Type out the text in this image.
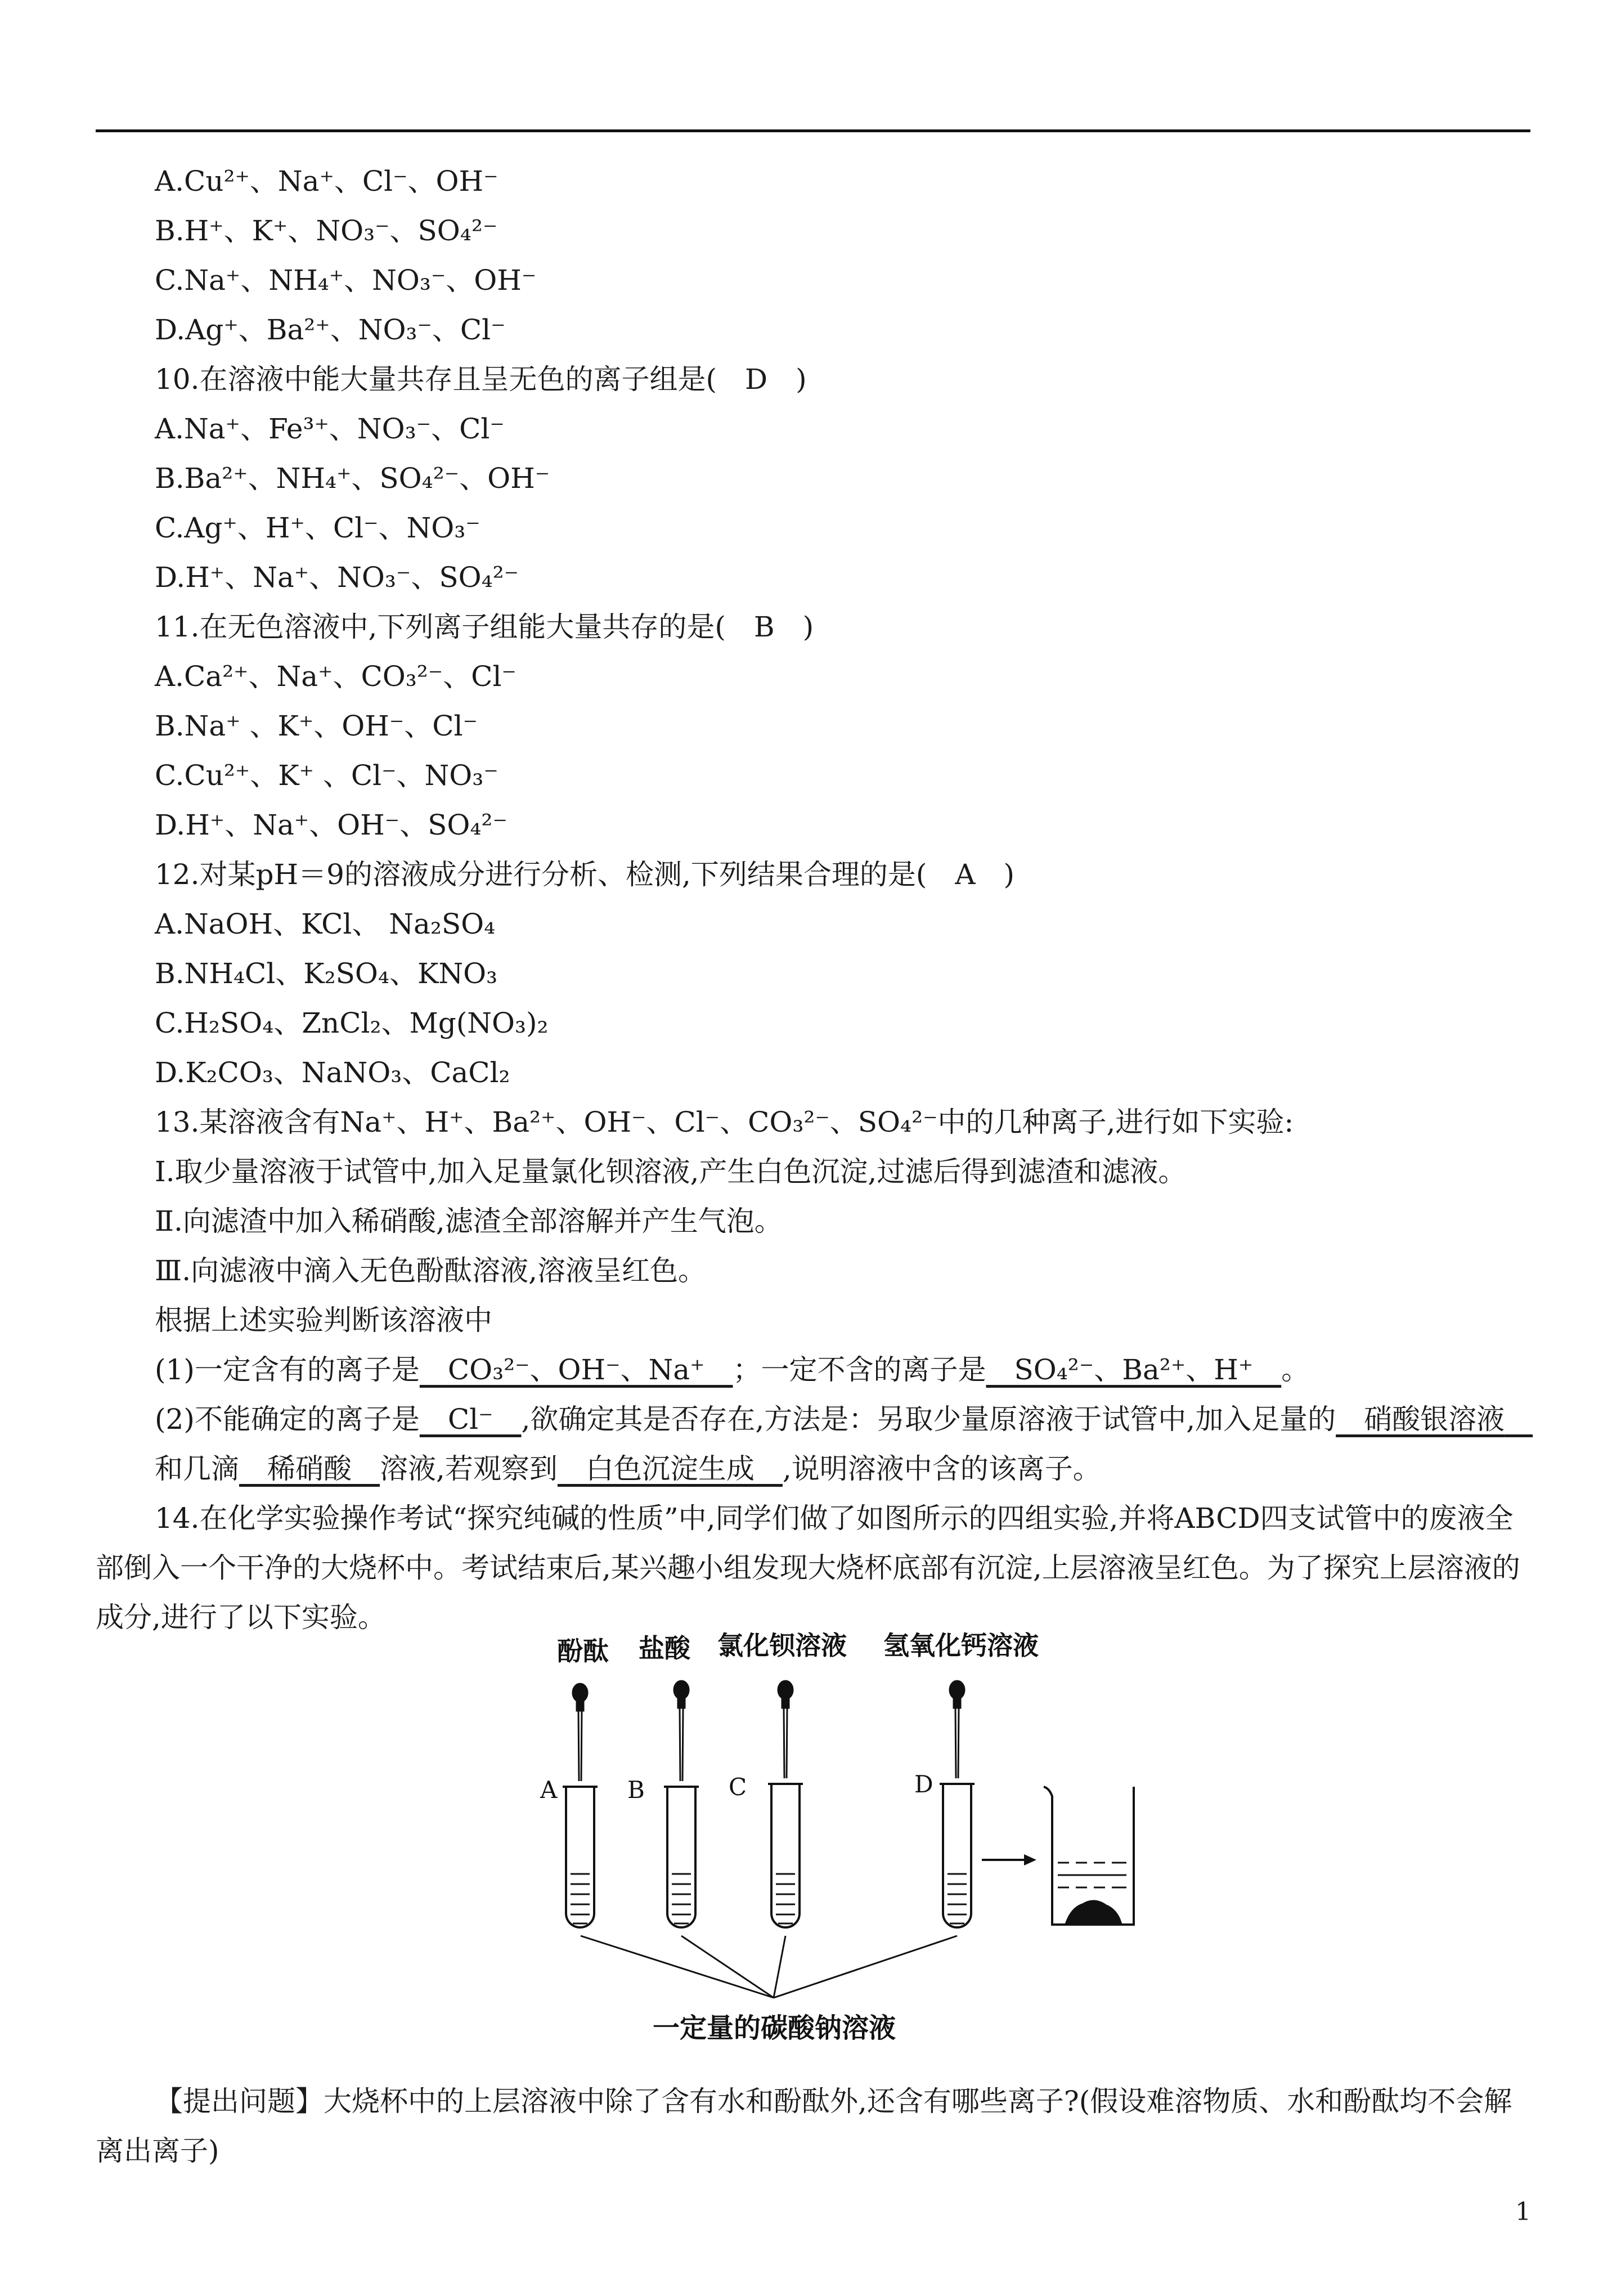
A.Cu²⁺、Na⁺、Cl⁻、OH⁻
B.H⁺、K⁺、NO₃⁻、SO₄²⁻
C.Na⁺、NH₄⁺、NO₃⁻、OH⁻
D.Ag⁺、Ba²⁺、NO₃⁻、Cl⁻
10.在溶液中能大量共存且呈无色的离子组是(　D　)
A.Na⁺、Fe³⁺、NO₃⁻、Cl⁻
B.Ba²⁺、NH₄⁺、SO₄²⁻、OH⁻
C.Ag⁺、H⁺、Cl⁻、NO₃⁻
D.H⁺、Na⁺、NO₃⁻、SO₄²⁻
11.在无色溶液中,下列离子组能大量共存的是(　B　)
A.Ca²⁺、Na⁺、CO₃²⁻、Cl⁻
B.Na⁺ 、K⁺、OH⁻、Cl⁻
C.Cu²⁺、K⁺ 、Cl⁻、NO₃⁻
D.H⁺、Na⁺、OH⁻、SO₄²⁻
12.对某pH＝9的溶液成分进行分析、检测,下列结果合理的是(　A　)
A.NaOH、KCl、 Na₂SO₄
B.NH₄Cl、K₂SO₄、KNO₃
C.H₂SO₄、ZnCl₂、Mg(NO₃)₂
D.K₂CO₃、NaNO₃、CaCl₂
13.某溶液含有Na⁺、H⁺、Ba²⁺、OH⁻、Cl⁻、CO₃²⁻、SO₄²⁻中的几种离子,进行如下实验:
Ⅰ.取少量溶液于试管中,加入足量氯化钡溶液,产生白色沉淀,过滤后得到滤渣和滤液。
Ⅱ.向滤渣中加入稀硝酸,滤渣全部溶解并产生气泡。
Ⅲ.向滤液中滴入无色酚酞溶液,溶液呈红色。
根据上述实验判断该溶液中
(1)一定含有的离子是　CO₃²⁻、OH⁻、Na⁺　；一定不含的离子是　SO₄²⁻、Ba²⁺、H⁺　。
(2)不能确定的离子是　Cl⁻　,欲确定其是否存在,方法是：另取少量原溶液于试管中,加入足量的　硝酸银溶液　和几滴　稀硝酸　溶液,若观察到　白色沉淀生成　,说明溶液中含的该离子。
14.在化学实验操作考试“探究纯碱的性质”中,同学们做了如图所示的四组实验,并将ABCD四支试管中的废液全部倒入一个干净的大烧杯中。考试结束后,某兴趣小组发现大烧杯底部有沉淀,上层溶液呈红色。为了探究上层溶液的成分,进行了以下实验。
酚酞 盐酸 氯化钡溶液 氢氧化钙溶液
A	B	C	D
一定量的碳酸钠溶液
【提出问题】大烧杯中的上层溶液中除了含有水和酚酞外,还含有哪些离子?(假设难溶物质、水和酚酞均不会解离出离子)
1
